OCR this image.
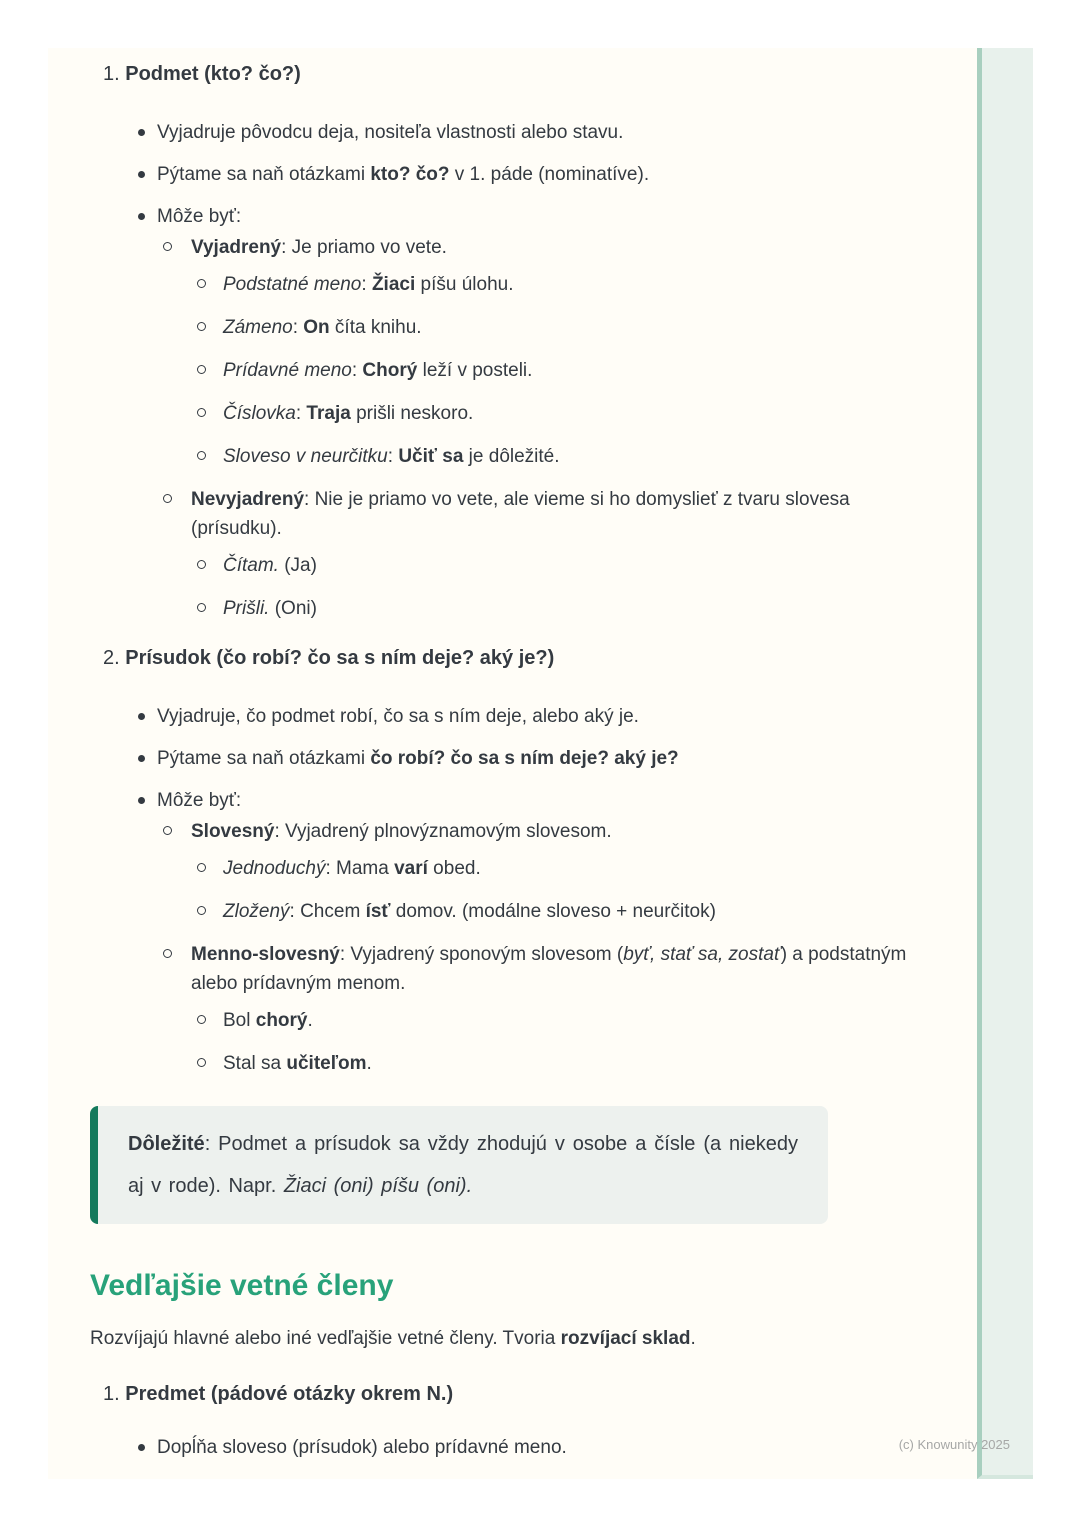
1. Podmet (kto? čo?)
Vyjadruje pôvodcu deja, nositeľa vlastnosti alebo stavu.
Pýtame sa naň otázkami kto? čo? v 1. páde (nominatíve).
Môže byť:
Vyjadrený: Je priamo vo vete.
Podstatné meno: Žiaci píšu úlohu.
Zámeno: On číta knihu.
Prídavné meno: Chorý leží v posteli.
Číslovka: Traja prišli neskoro.
Sloveso v neurčitku: Učiť sa je dôležité.
Nevyjadrený: Nie je priamo vo vete, ale vieme si ho domyslieť z tvaru slovesa (prísudku).
Čítam. (Ja)
Prišli. (Oni)
2. Prísudok (čo robí? čo sa s ním deje? aký je?)
Vyjadruje, čo podmet robí, čo sa s ním deje, alebo aký je.
Pýtame sa naň otázkami čo robí? čo sa s ním deje? aký je?
Môže byť:
Slovesný: Vyjadrený plnovýznamovým slovesom.
Jednoduchý: Mama varí obed.
Zložený: Chcem ísť domov. (modálne sloveso + neurčitok)
Menno-slovesný: Vyjadrený sponovým slovesom (byť, stať sa, zostať) a podstatným alebo prídavným menom.
Bol chorý.
Stal sa učiteľom.
Dôležité: Podmet a prísudok sa vždy zhodujú v osobe a čísle (a niekedy aj v rode). Napr. Žiaci (oni) píšu (oni).
Vedľajšie vetné členy

Rozvíjajú hlavné alebo iné vedľajšie vetné členy. Tvoria rozvíjací sklad.

1. Predmet (pádové otázky okrem N.)
Dopĺňa sloveso (prísudok) alebo prídavné meno.	(c) Knowunity 2025
